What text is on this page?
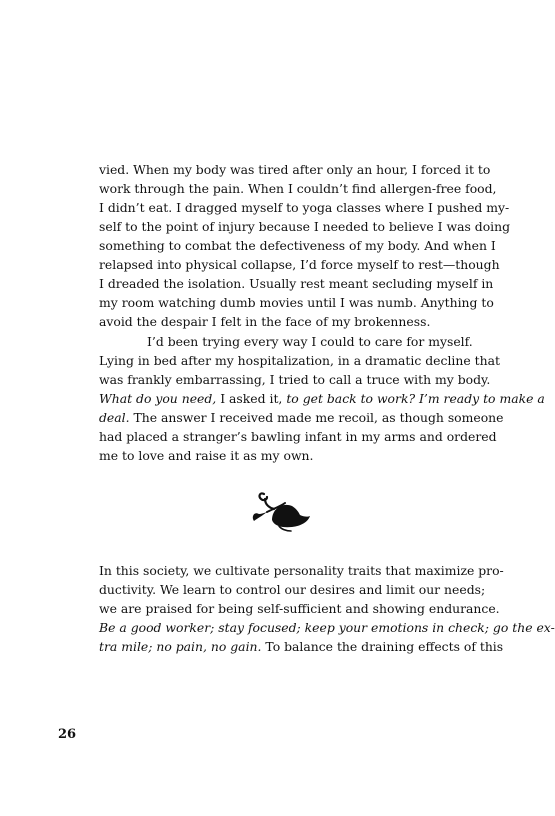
vied. When my body was tired after only an hour, I forced it to
work through the pain. When I couldn’t find allergen-free food,
I didn’t eat. I dragged myself to yoga classes where I pushed my-
self to the point of injury because I needed to believe I was doing
something to combat the defectiveness of my body. And when I
relapsed into physical collapse, I’d force myself to rest—though
I dreaded the isolation. Usually rest meant secluding myself in
my room watching dumb movies until I was numb. Anything to
avoid the despair I felt in the face of my brokenness.
I’d been trying every way I could to care for myself.
Lying in bed after my hospitalization, in a dramatic decline that
was frankly embarrassing, I tried to call a truce with my body.
What do you need, I asked it, to get back to work? I’m ready to make a
deal. The answer I received made me recoil, as though someone
had placed a stranger’s bawling infant in my arms and ordered
me to love and raise it as my own.
In this society, we cultivate personality traits that maximize pro-
ductivity. We learn to control our desires and limit our needs;
we are praised for being self-sufficient and showing endurance.
Be a good worker; stay focused; keep your emotions in check; go the ex-
tra mile; no pain, no gain. To balance the draining effects of this
26
